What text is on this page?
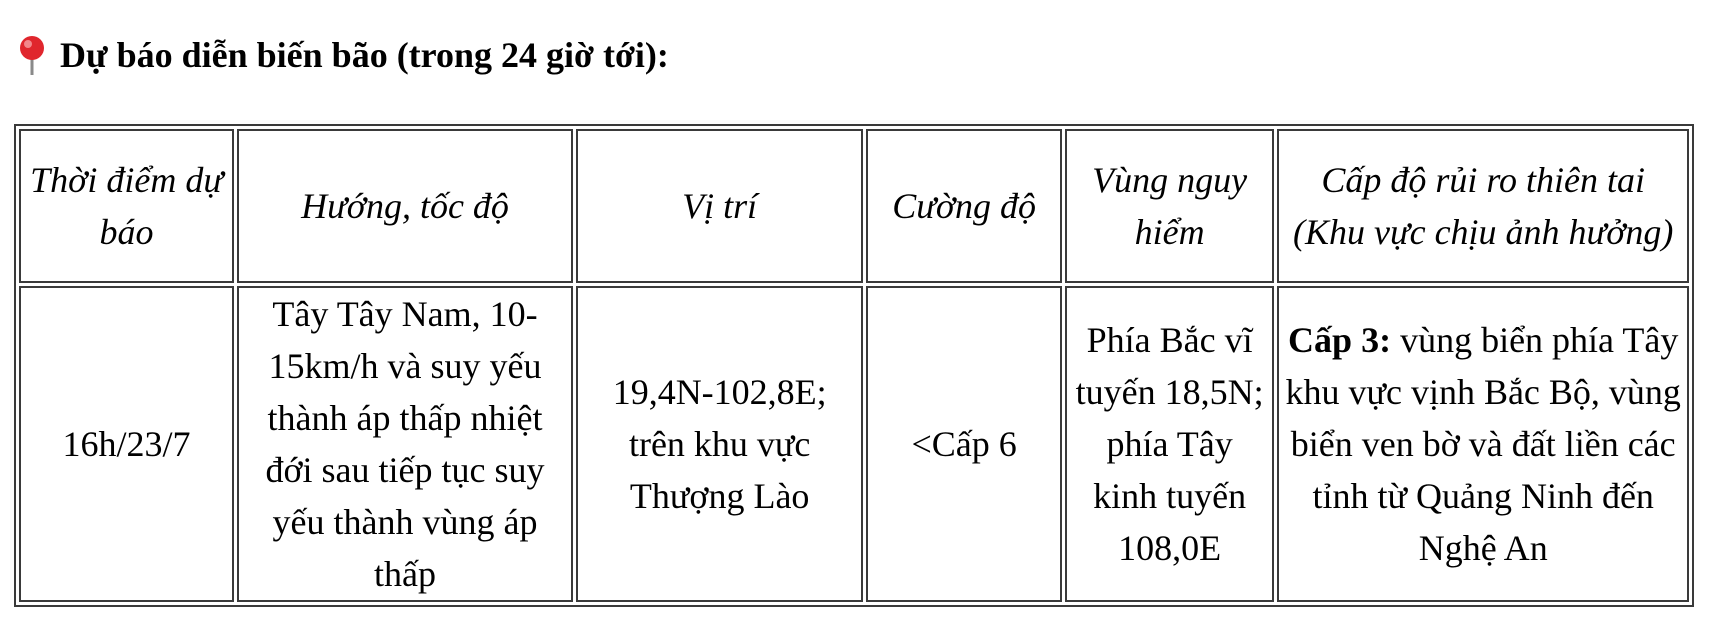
Dự báo diễn biến bão (trong 24 giờ tới):
Thời điểm dự báo	Hướng, tốc độ	Vị trí	Cường độ	Vùng nguy hiểm	Cấp độ rủi ro thiên tai (Khu vực chịu ảnh hưởng)
16h/23/7	Tây Tây Nam, 10-15km/h và suy yếu thành áp thấp nhiệt đới sau tiếp tục suy yếu thành vùng áp thấp	19,4N-102,8E; trên khu vực Thượng Lào	<Cấp 6	Phía Bắc vĩ tuyến 18,5N; phía Tây kinh tuyến 108,0E	Cấp 3: vùng biển phía Tây khu vực vịnh Bắc Bộ, vùng biển ven bờ và đất liền các tỉnh từ Quảng Ninh đến Nghệ An
